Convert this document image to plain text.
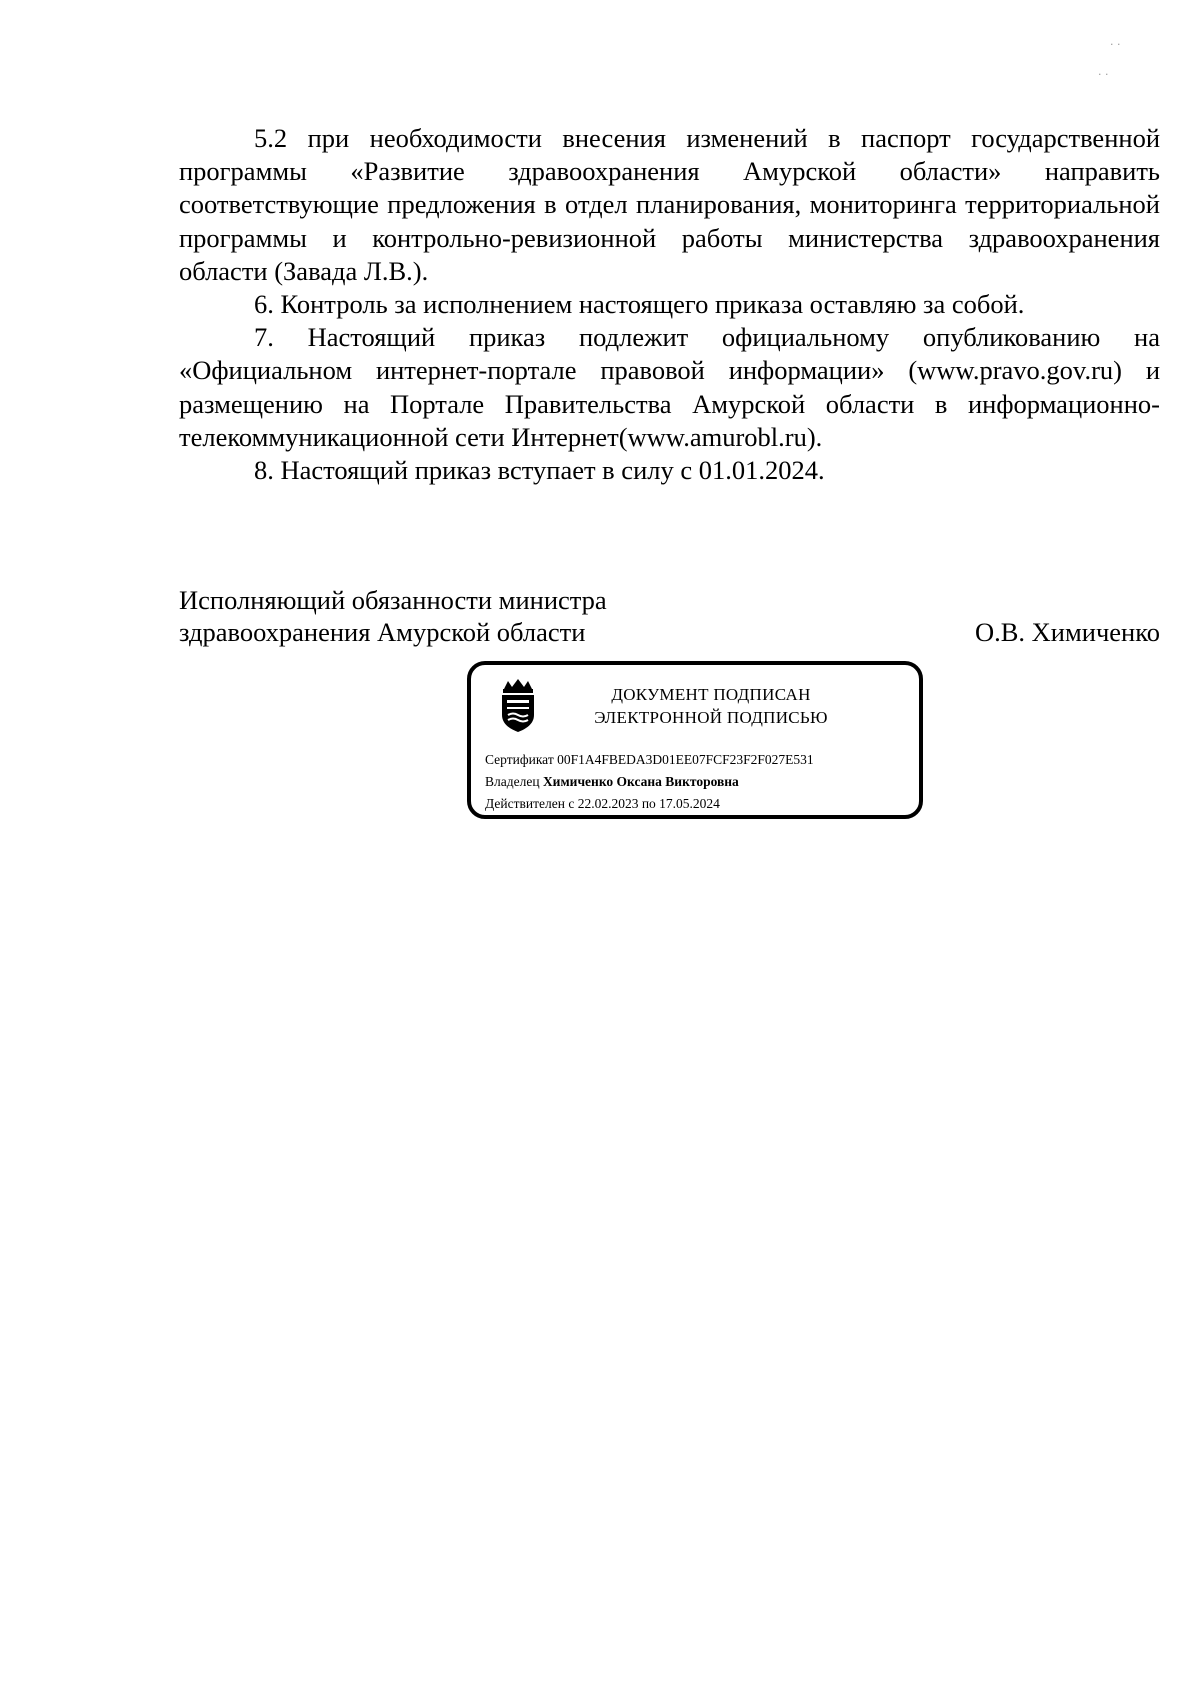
· ·
· ·

5.2 при необходимости внесения изменений в паспорт государственной программы «Развитие здравоохранения Амурской области» направить соответствующие предложения в отдел планирования, мониторинга территориальной программы и контрольно-ревизионной работы министерства здравоохранения области (Завада Л.В.).

6. Контроль за исполнением настоящего приказа оставляю за собой.

7. Настоящий приказ подлежит официальному опубликованию на «Официальном интернет-портале правовой информации» (www.pravo.gov.ru) и размещению на Портале Правительства Амурской области в информационно-телекоммуникационной сети Интернет(www.amurobl.ru).

8. Настоящий приказ вступает в силу с 01.01.2024.

Исполняющий обязанности министра

здравоохранения Амурской области	О.В. Химиченко
ДОКУМЕНТ ПОДПИСАН
ЭЛЕКТРОННОЙ ПОДПИСЬЮ
Сертификат 00F1A4FBEDA3D01EE07FCF23F2F027E531
Владелец Химиченко Оксана Викторовна
Действителен с 22.02.2023 по 17.05.2024
